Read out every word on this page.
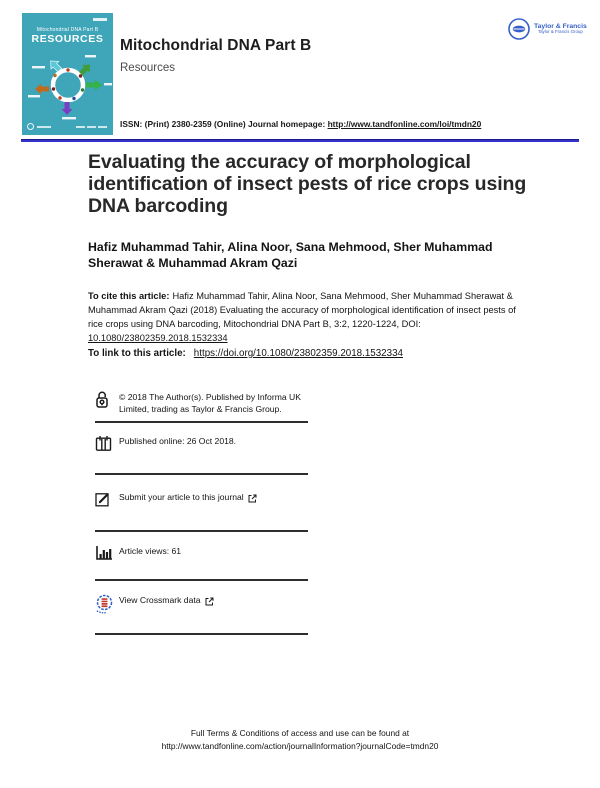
Mitochondrial DNA Part B
RESOURCES	Mitochondrial DNA Part B
Resources
ISSN: (Print) 2380-2359 (Online) Journal homepage: http://www.tandfonline.com/loi/tmdn20
Taylor & Francis
Taylor & Francis Group
Evaluating the accuracy of morphological identification of insect pests of rice crops using DNA barcoding
Hafiz Muhammad Tahir, Alina Noor, Sana Mehmood, Sher Muhammad Sherawat & Muhammad Akram Qazi

To cite this article: Hafiz Muhammad Tahir, Alina Noor, Sana Mehmood, Sher Muhammad Sherawat & Muhammad Akram Qazi (2018) Evaluating the accuracy of morphological identification of insect pests of rice crops using DNA barcoding, Mitochondrial DNA Part B, 3:2, 1220-1224, DOI: 10.1080/23802359.2018.1532334

To link to this article: https://doi.org/10.1080/23802359.2018.1532334

© 2018 The Author(s). Published by Informa UK Limited, trading as Taylor & Francis Group.
Published online: 26 Oct 2018.
Submit your article to this journal
Article views: 61
View Crossmark data
Full Terms & Conditions of access and use can be found at
http://www.tandfonline.com/action/journalInformation?journalCode=tmdn20
